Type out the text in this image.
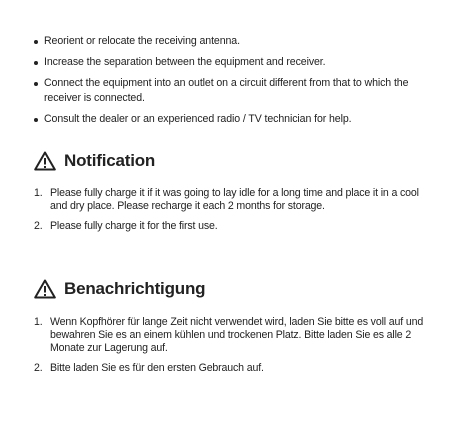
Reorient or relocate the receiving antenna.
Increase the separation between the equipment and receiver.
Connect the equipment into an outlet on a circuit different from that to which the receiver is connected.
Consult the dealer or an experienced radio / TV technician for help.
Notification
1. Please fully charge it if it was going to lay idle for a long time and place it in a cool and dry place. Please recharge it each 2 months for storage.
2. Please fully charge it for the first use.
Benachrichtigung
1. Wenn Kopfhörer für lange Zeit nicht verwendet wird, laden Sie bitte es voll auf und bewahren Sie es an einem kühlen und trockenen Platz. Bitte laden Sie es alle 2 Monate zur Lagerung auf.
2. Bitte laden Sie es für den ersten Gebrauch auf.
